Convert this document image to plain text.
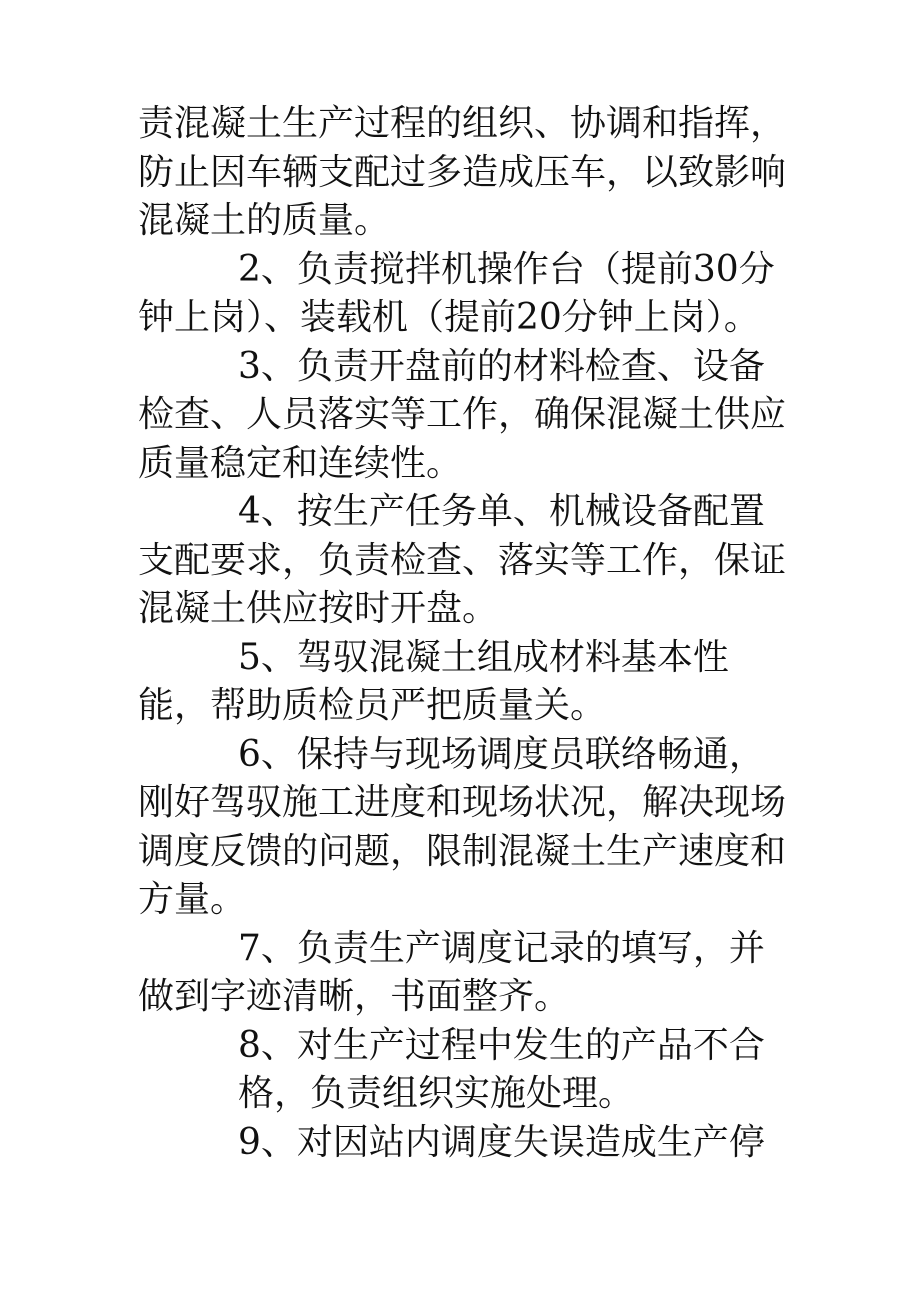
责混凝土生产过程的组织、协调和指挥，防止因车辆支配过多造成压车，以致影响混凝土的质量。

2、负责搅拌机操作台（提前30分钟上岗）、装载机（提前20分钟上岗）。

3、负责开盘前的材料检查、设备检查、人员落实等工作，确保混凝土供应质量稳定和连续性。

4、按生产任务单、机械设备配置支配要求，负责检查、落实等工作，保证混凝土供应按时开盘。

5、驾驭混凝土组成材料基本性能，帮助质检员严把质量关。

6、保持与现场调度员联络畅通，刚好驾驭施工进度和现场状况，解决现场调度反馈的问题，限制混凝土生产速度和方量。

7、负责生产调度记录的填写，并做到字迹清晰，书面整齐。

8、对生产过程中发生的产品不合格，负责组织实施处理。

9、对因站内调度失误造成生产停
